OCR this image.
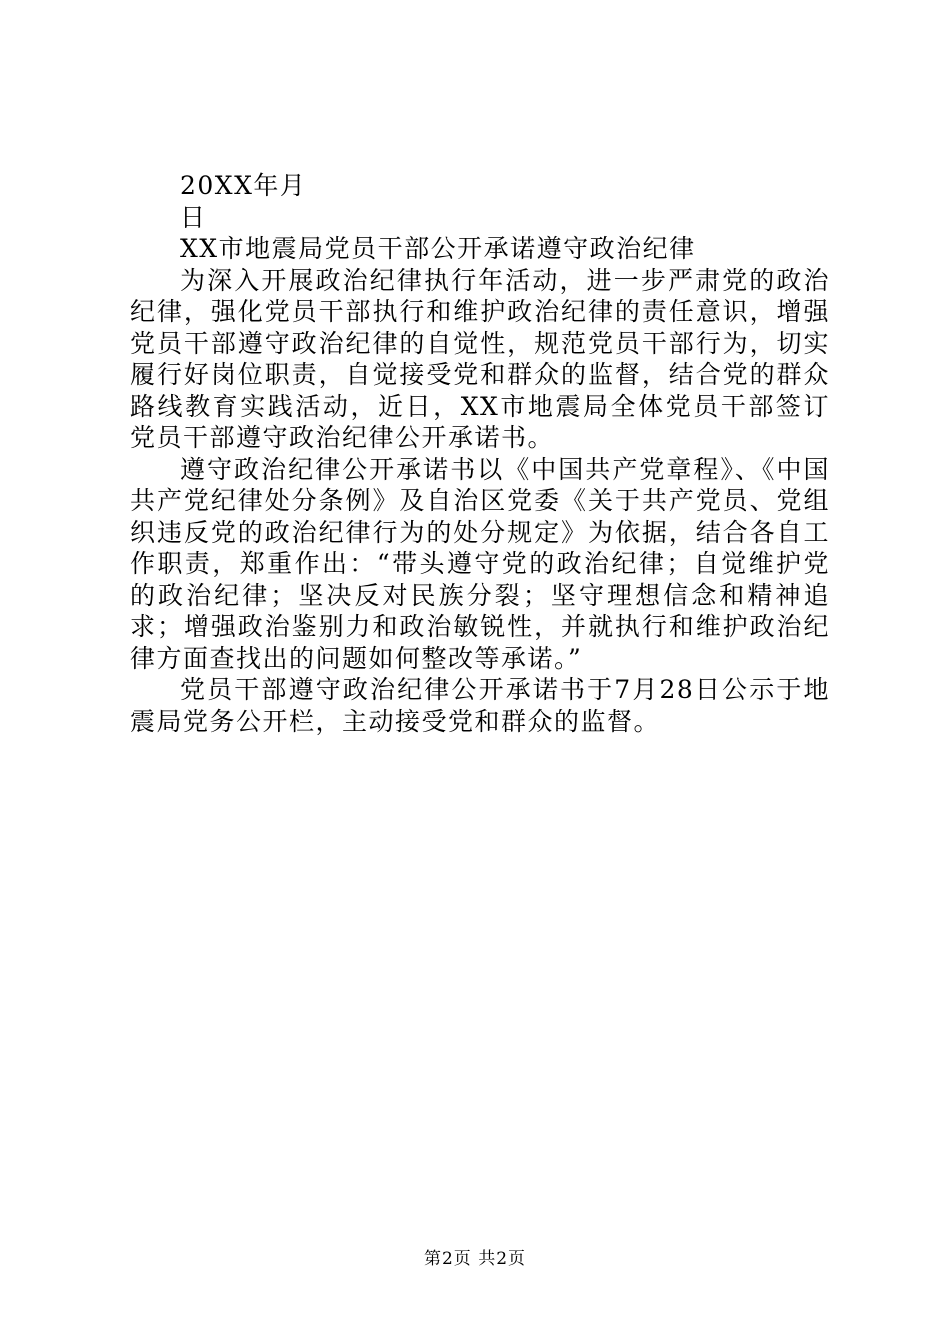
20XX年月
日
XX市地震局党员干部公开承诺遵守政治纪律
为深入开展政治纪律执行年活动，进一步严肃党的政治纪律，强化党员干部执行和维护政治纪律的责任意识，增强党员干部遵守政治纪律的自觉性，规范党员干部行为，切实履行好岗位职责，自觉接受党和群众的监督，结合党的群众路线教育实践活动，近日，XX市地震局全体党员干部签订党员干部遵守政治纪律公开承诺书。
遵守政治纪律公开承诺书以《中国共产党章程》、《中国共产党纪律处分条例》及自治区党委《关于共产党员、党组织违反党的政治纪律行为的处分规定》为依据，结合各自工作职责，郑重作出：“带头遵守党的政治纪律；自觉维护党的政治纪律；坚决反对民族分裂；坚守理想信念和精神追求；增强政治鉴别力和政治敏锐性，并就执行和维护政治纪律方面查找出的问题如何整改等承诺。”
党员干部遵守政治纪律公开承诺书于7月28日公示于地震局党务公开栏，主动接受党和群众的监督。
第2页 共2页
